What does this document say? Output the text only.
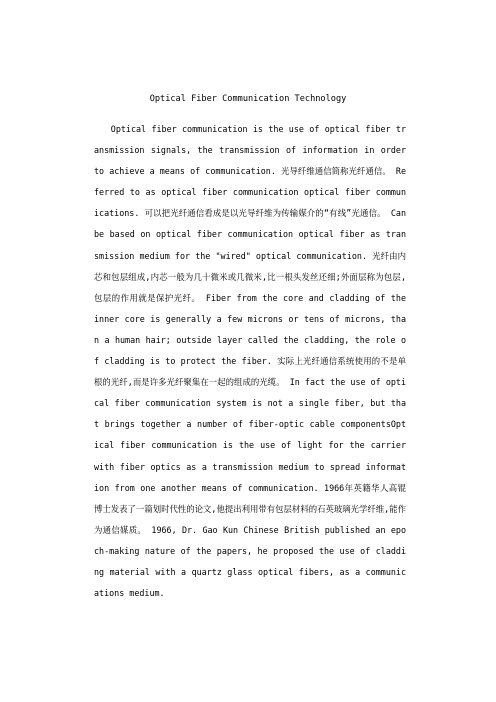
Optical Fiber Communication Technology

Optical fiber communication is the use of optical fiber transmission signals, the transmission of information in order to achieve a means of communication. 光导纤维通信简称光纤通信。 Referred to as optical fiber communication optical fiber communications. 可以把光纤通信看成是以光导纤维为传输媒介的“有线”光通信。 Can be based on optical fiber communication optical fiber as transmission medium for the "wired" optical communication. 光纤由内芯和包层组成,内芯一般为几十微米或几微米,比一根头发丝还细;外面层称为包层,包层的作用就是保护光纤。 Fiber from the core and cladding of the inner core is generally a few microns or tens of microns, than a human hair; outside layer called the cladding, the role of cladding is to protect the fiber. 实际上光纤通信系统使用的不是单根的光纤,而是许多光纤聚集在一起的组成的光缆。 In fact the use of optical fiber communication system is not a single fiber, but that brings together a number of fiber-optic cable componentsOptical fiber communication is the use of light for the carrier with fiber optics as a transmission medium to spread information from one another means of communication. 1966年英籍华人高锟博士发表了一篇划时代性的论文,他提出利用带有包层材料的石英玻璃光学纤维,能作为通信媒质。 1966, Dr. Gao Kun Chinese British published an epoch-making nature of the papers, he proposed the use of cladding material with a quartz glass optical fibers, as a communications medium.
